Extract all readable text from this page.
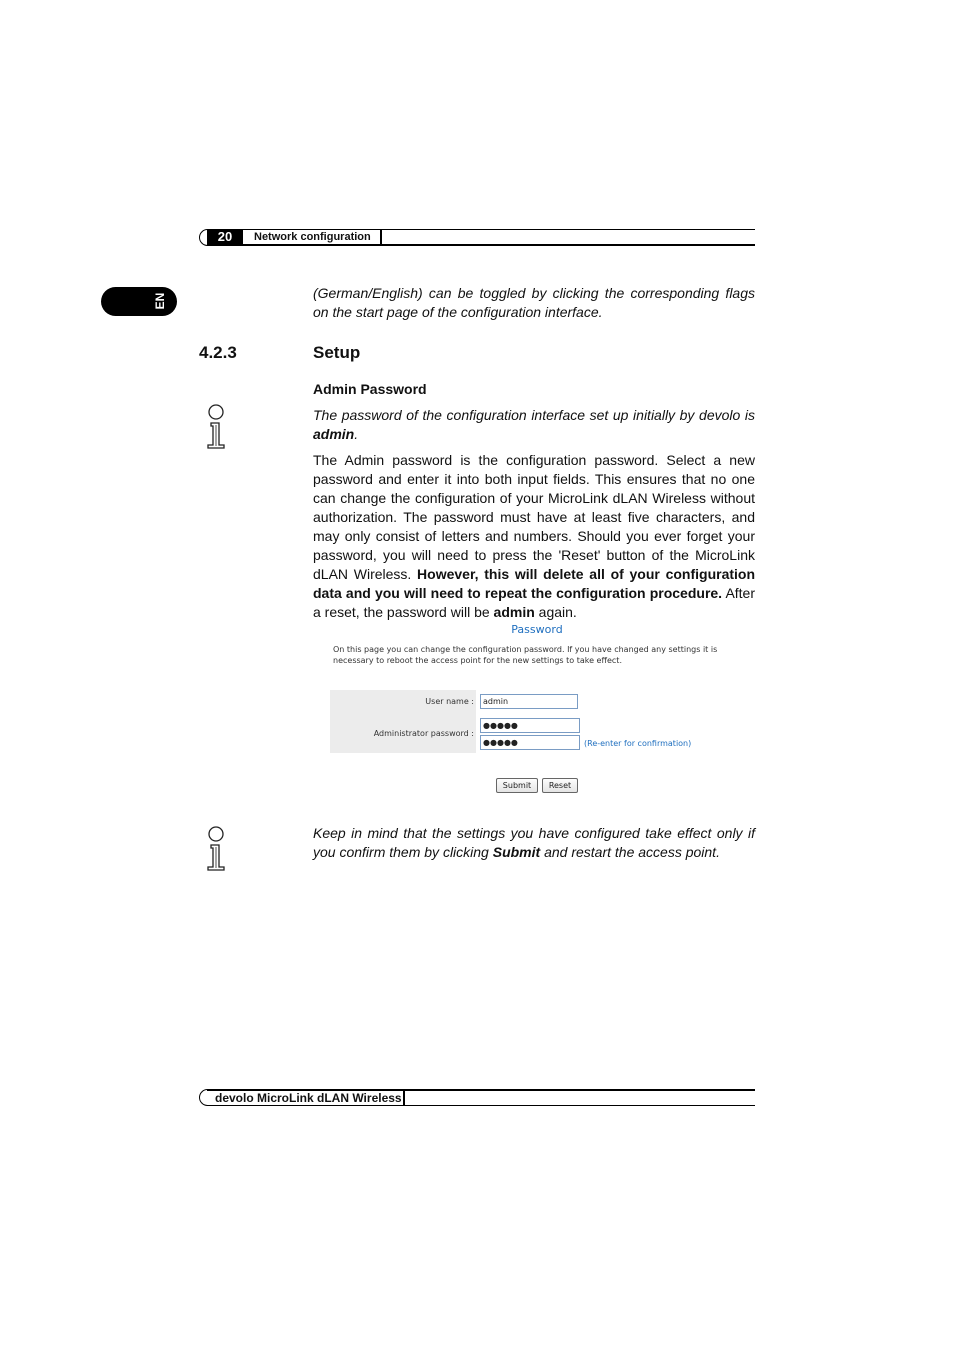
20	Network configuration
EN	(German/English) can be toggled by clicking the corresponding flags on the start page of the configuration interface.
4.2.3	Setup
Admin Password
The password of the configuration interface set up initially by devolo is admin.
The Admin password is the configuration password. Select a new password and enter it into both input fields. This ensures that no one can change the configuration of your MicroLink dLAN Wireless without authorization. The password must have at least five characters, and may only consist of letters and numbers. Should you ever forget your password, you will need to press the 'Reset' button of the MicroLink dLAN Wireless. However, this will delete all of your configuration data and you will need to repeat the configuration procedure. After a reset, the password will be admin again.
Password
On this page you can change the configuration password. If you have changed any settings it is necessary to reboot the access point for the new settings to take effect.
User name :	admin
Administrator password :
●●●●●
●●●●●	(Re-enter for confirmation)
Submit	Reset
Keep in mind that the settings you have configured take effect only if you confirm them by clicking Submit and restart the access point.
devolo MicroLink dLAN Wireless
